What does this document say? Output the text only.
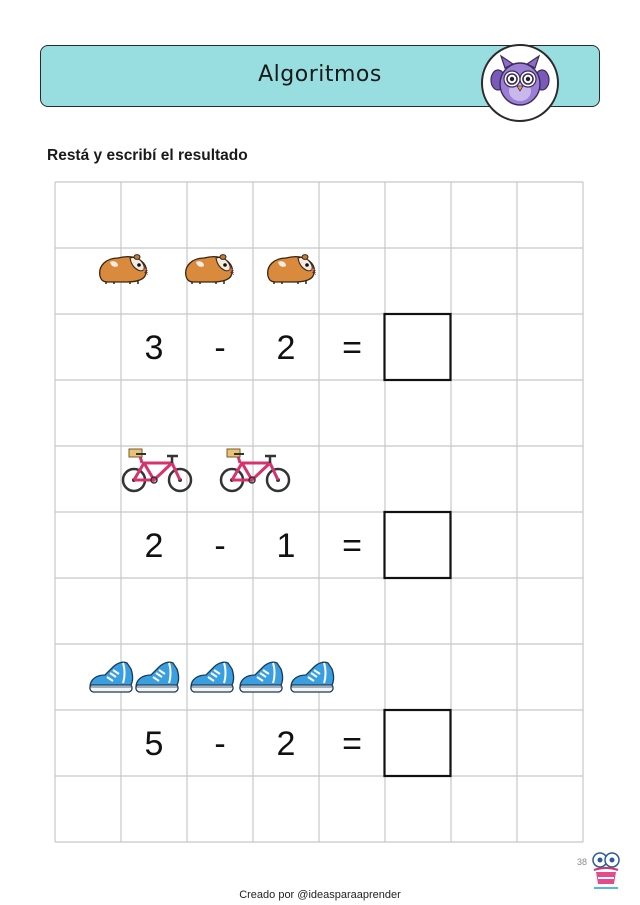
Algoritmos
Restá y escribí el resultado
3 - 2 =
2 - 1 =
5 - 2 =
38
Creado por @ideasparaaprender
